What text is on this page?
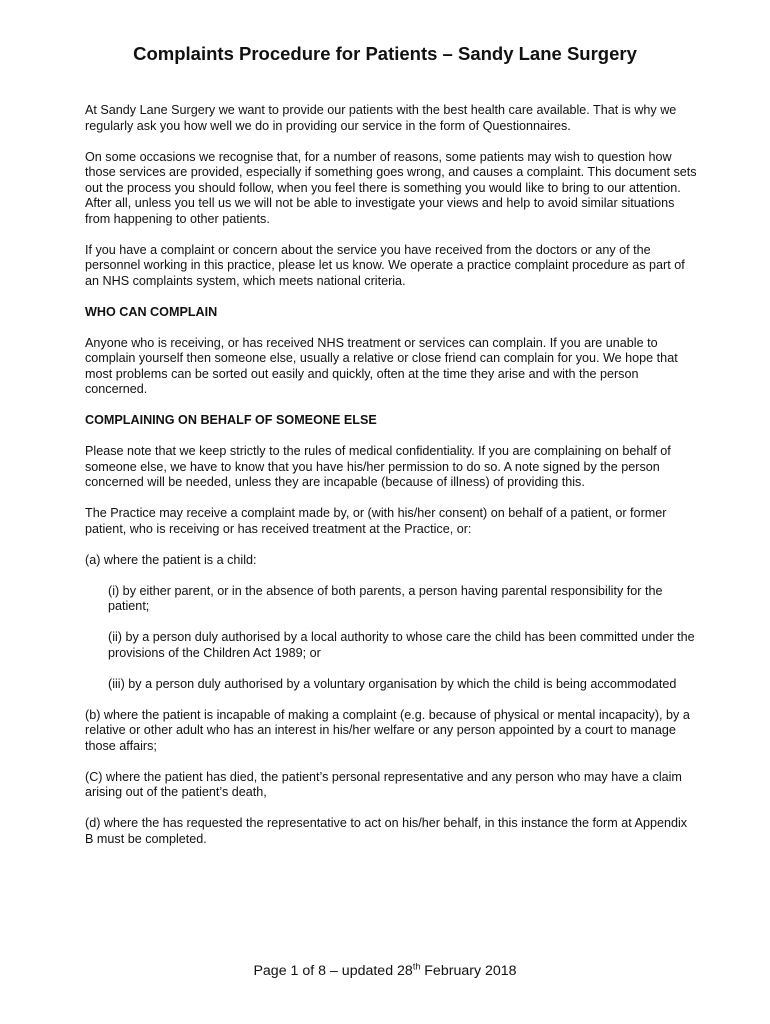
Complaints Procedure for Patients – Sandy Lane Surgery

At Sandy Lane Surgery we want to provide our patients with the best health care available. That is why we regularly ask you how well we do in providing our service in the form of Questionnaires.

On some occasions we recognise that, for a number of reasons, some patients may wish to question how those services are provided, especially if something goes wrong, and causes a complaint. This document sets out the process you should follow, when you feel there is something you would like to bring to our attention. After all, unless you tell us we will not be able to investigate your views and help to avoid similar situations from happening to other patients.

If you have a complaint or concern about the service you have received from the doctors or any of the personnel working in this practice, please let us know. We operate a practice complaint procedure as part of an NHS complaints system, which meets national criteria.

WHO CAN COMPLAIN

Anyone who is receiving, or has received NHS treatment or services can complain. If you are unable to complain yourself then someone else, usually a relative or close friend can complain for you. We hope that most problems can be sorted out easily and quickly, often at the time they arise and with the person concerned.

COMPLAINING ON BEHALF OF SOMEONE ELSE

Please note that we keep strictly to the rules of medical confidentiality. If you are complaining on behalf of someone else, we have to know that you have his/her permission to do so. A note signed by the person concerned will be needed, unless they are incapable (because of illness) of providing this.

The Practice may receive a complaint made by, or (with his/her consent) on behalf of a patient, or former patient, who is receiving or has received treatment at the Practice, or:

(a) where the patient is a child:

(i) by either parent, or in the absence of both parents, a person having parental responsibility for the patient;

(ii) by a person duly authorised by a local authority to whose care the child has been committed under the provisions of the Children Act 1989; or

(iii) by a person duly authorised by a voluntary organisation by which the child is being accommodated

(b) where the patient is incapable of making a complaint (e.g. because of physical or mental incapacity), by a relative or other adult who has an interest in his/her welfare or any person appointed by a court to manage those affairs;

(C) where the patient has died, the patient’s personal representative and any person who may have a claim arising out of the patient’s death,

(d) where the has requested the representative to act on his/her behalf, in this instance the form at Appendix B must be completed.

Page 1 of 8 – updated 28th February 2018
